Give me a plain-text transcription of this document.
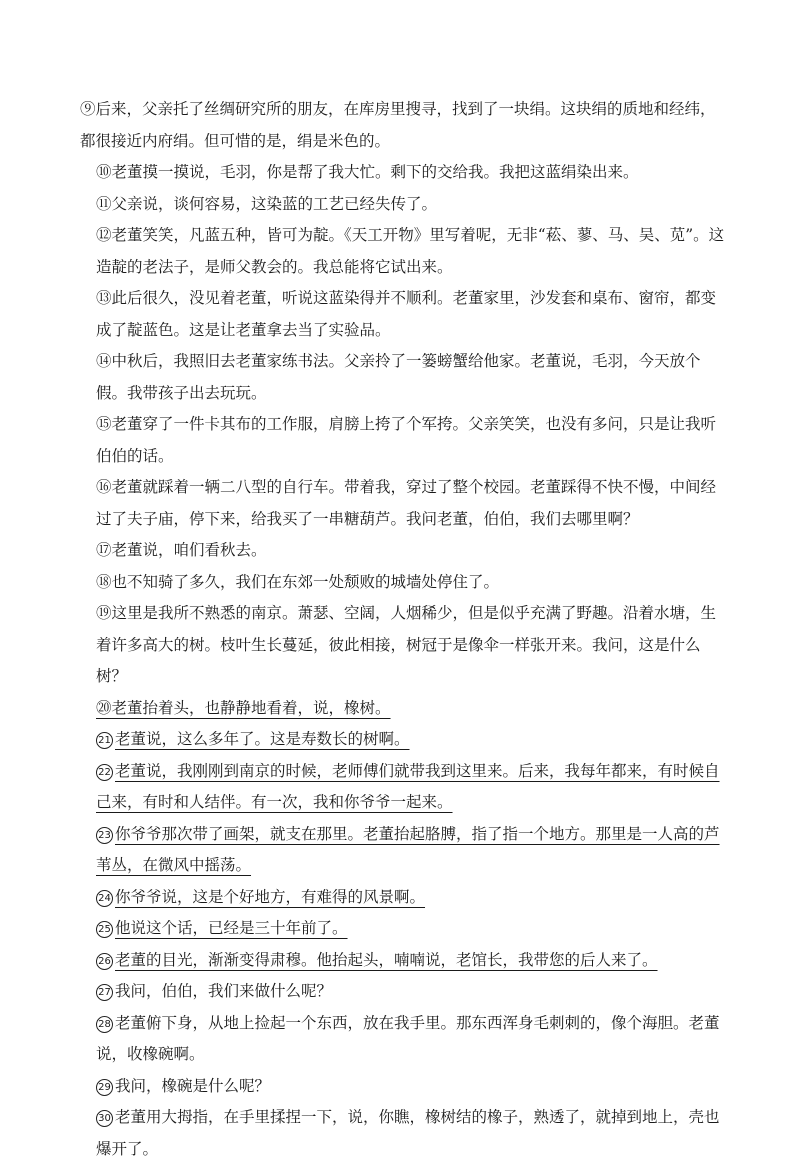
⑨后来，父亲托了丝绸研究所的朋友，在库房里搜寻，找到了一块绢。这块绢的质地和经纬，都很接近内府绢。但可惜的是，绢是米色的。

⑩老董摸一摸说，毛羽，你是帮了我大忙。剩下的交给我。我把这蓝绢染出来。

⑪父亲说，谈何容易，这染蓝的工艺已经失传了。

⑫老董笑笑，凡蓝五种，皆可为靛。《天工开物》里写着呢，无非“菘、蓼、马、吴、苋”。这造靛的老法子，是师父教会的。我总能将它试出来。

⑬此后很久，没见着老董，听说这蓝染得并不顺利。老董家里，沙发套和桌布、窗帘，都变成了靛蓝色。这是让老董拿去当了实验品。

⑭中秋后，我照旧去老董家练书法。父亲拎了一篓螃蟹给他家。老董说，毛羽，今天放个假。我带孩子出去玩玩。

⑮老董穿了一件卡其布的工作服，肩膀上挎了个军挎。父亲笑笑，也没有多问，只是让我听伯伯的话。

⑯老董就踩着一辆二八型的自行车。带着我，穿过了整个校园。老董踩得不快不慢，中间经过了夫子庙，停下来，给我买了一串糖葫芦。我问老董，伯伯，我们去哪里啊？

⑰老董说，咱们看秋去。

⑱也不知骑了多久，我们在东郊一处颓败的城墙处停住了。

⑲这里是我所不熟悉的南京。萧瑟、空阔，人烟稀少，但是似乎充满了野趣。沿着水塘，生着许多高大的树。枝叶生长蔓延，彼此相接，树冠于是像伞一样张开来。我问，这是什么树？

⑳老董抬着头，也静静地看着，说，橡树。

21 老董说，这么多年了。这是寿数长的树啊。

22 老董说，我刚刚到南京的时候，老师傅们就带我到这里来。后来，我每年都来，有时候自己来，有时和人结伴。有一次，我和你爷爷一起来。

23 你爷爷那次带了画架，就支在那里。老董抬起胳膊，指了指一个地方。那里是一人高的芦苇丛，在微风中摇荡。

24 你爷爷说，这是个好地方，有难得的风景啊。

25 他说这个话，已经是三十年前了。

26 老董的目光，渐渐变得肃穆。他抬起头，喃喃说，老馆长，我带您的后人来了。

27 我问，伯伯，我们来做什么呢？

28 老董俯下身，从地上捡起一个东西，放在我手里。那东西浑身毛刺刺的，像个海胆。老董说，收橡碗啊。

29 我问，橡碗是什么呢？

30 老董用大拇指，在手里揉捏一下，说，你瞧，橡树结的橡子，熟透了，就掉到地上，壳也爆开了。
